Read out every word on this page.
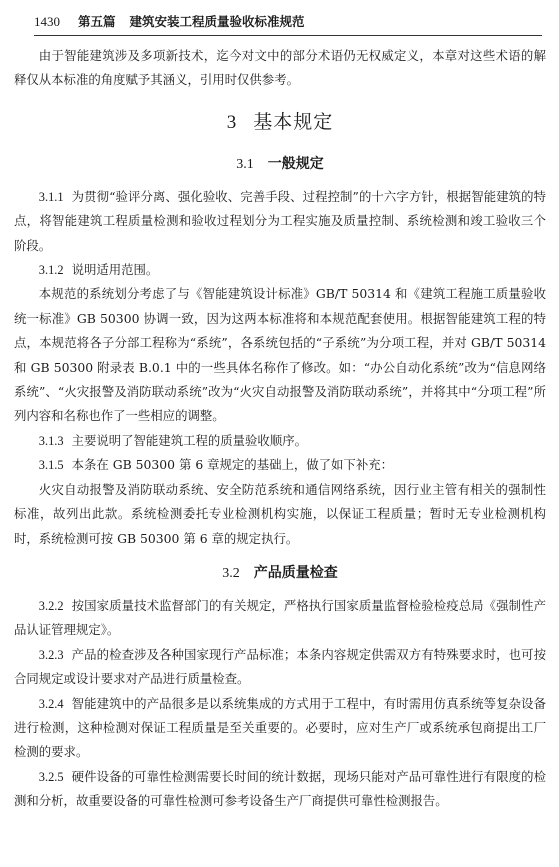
1430 第五篇 建筑安装工程质量验收标准规范

由于智能建筑涉及多项新技术，迄今对文中的部分术语仍无权威定义，本章对这些术语的解释仅从本标准的角度赋予其涵义，引用时仅供参考。

3 基本规定
3.1 一般规定

3.1.1 为贯彻“验评分离、强化验收、完善手段、过程控制”的十六字方针，根据智能建筑的特点，将智能建筑工程质量检测和验收过程划分为工程实施及质量控制、系统检测和竣工验收三个阶段。

3.1.2 说明适用范围。

本规范的系统划分考虑了与《智能建筑设计标准》GB/T 50314 和《建筑工程施工质量验收统一标准》GB 50300 协调一致，因为这两本标准将和本规范配套使用。根据智能建筑工程的特点，本规范将各子分部工程称为“系统”，各系统包括的“子系统”为分项工程，并对 GB/T 50314 和 GB 50300 附录表 B.0.1 中的一些具体名称作了修改。如：“办公自动化系统”改为“信息网络系统”、“火灾报警及消防联动系统”改为“火灾自动报警及消防联动系统”，并将其中“分项工程”所列内容和名称也作了一些相应的调整。

3.1.3 主要说明了智能建筑工程的质量验收顺序。

3.1.5 本条在 GB 50300 第 6 章规定的基础上，做了如下补充：

火灾自动报警及消防联动系统、安全防范系统和通信网络系统，因行业主管有相关的强制性标准，故列出此款。系统检测委托专业检测机构实施，以保证工程质量；暂时无专业检测机构时，系统检测可按 GB 50300 第 6 章的规定执行。

3.2 产品质量检查

3.2.2 按国家质量技术监督部门的有关规定，严格执行国家质量监督检验检疫总局《强制性产品认证管理规定》。

3.2.3 产品的检查涉及各种国家现行产品标准；本条内容规定供需双方有特殊要求时，也可按合同规定或设计要求对产品进行质量检查。

3.2.4 智能建筑中的产品很多是以系统集成的方式用于工程中，有时需用仿真系统等复杂设备进行检测，这种检测对保证工程质量是至关重要的。必要时，应对生产厂或系统承包商提出工厂检测的要求。

3.2.5 硬件设备的可靠性检测需要长时间的统计数据，现场只能对产品可靠性进行有限度的检测和分析，故重要设备的可靠性检测可参考设备生产厂商提供可靠性检测报告。
